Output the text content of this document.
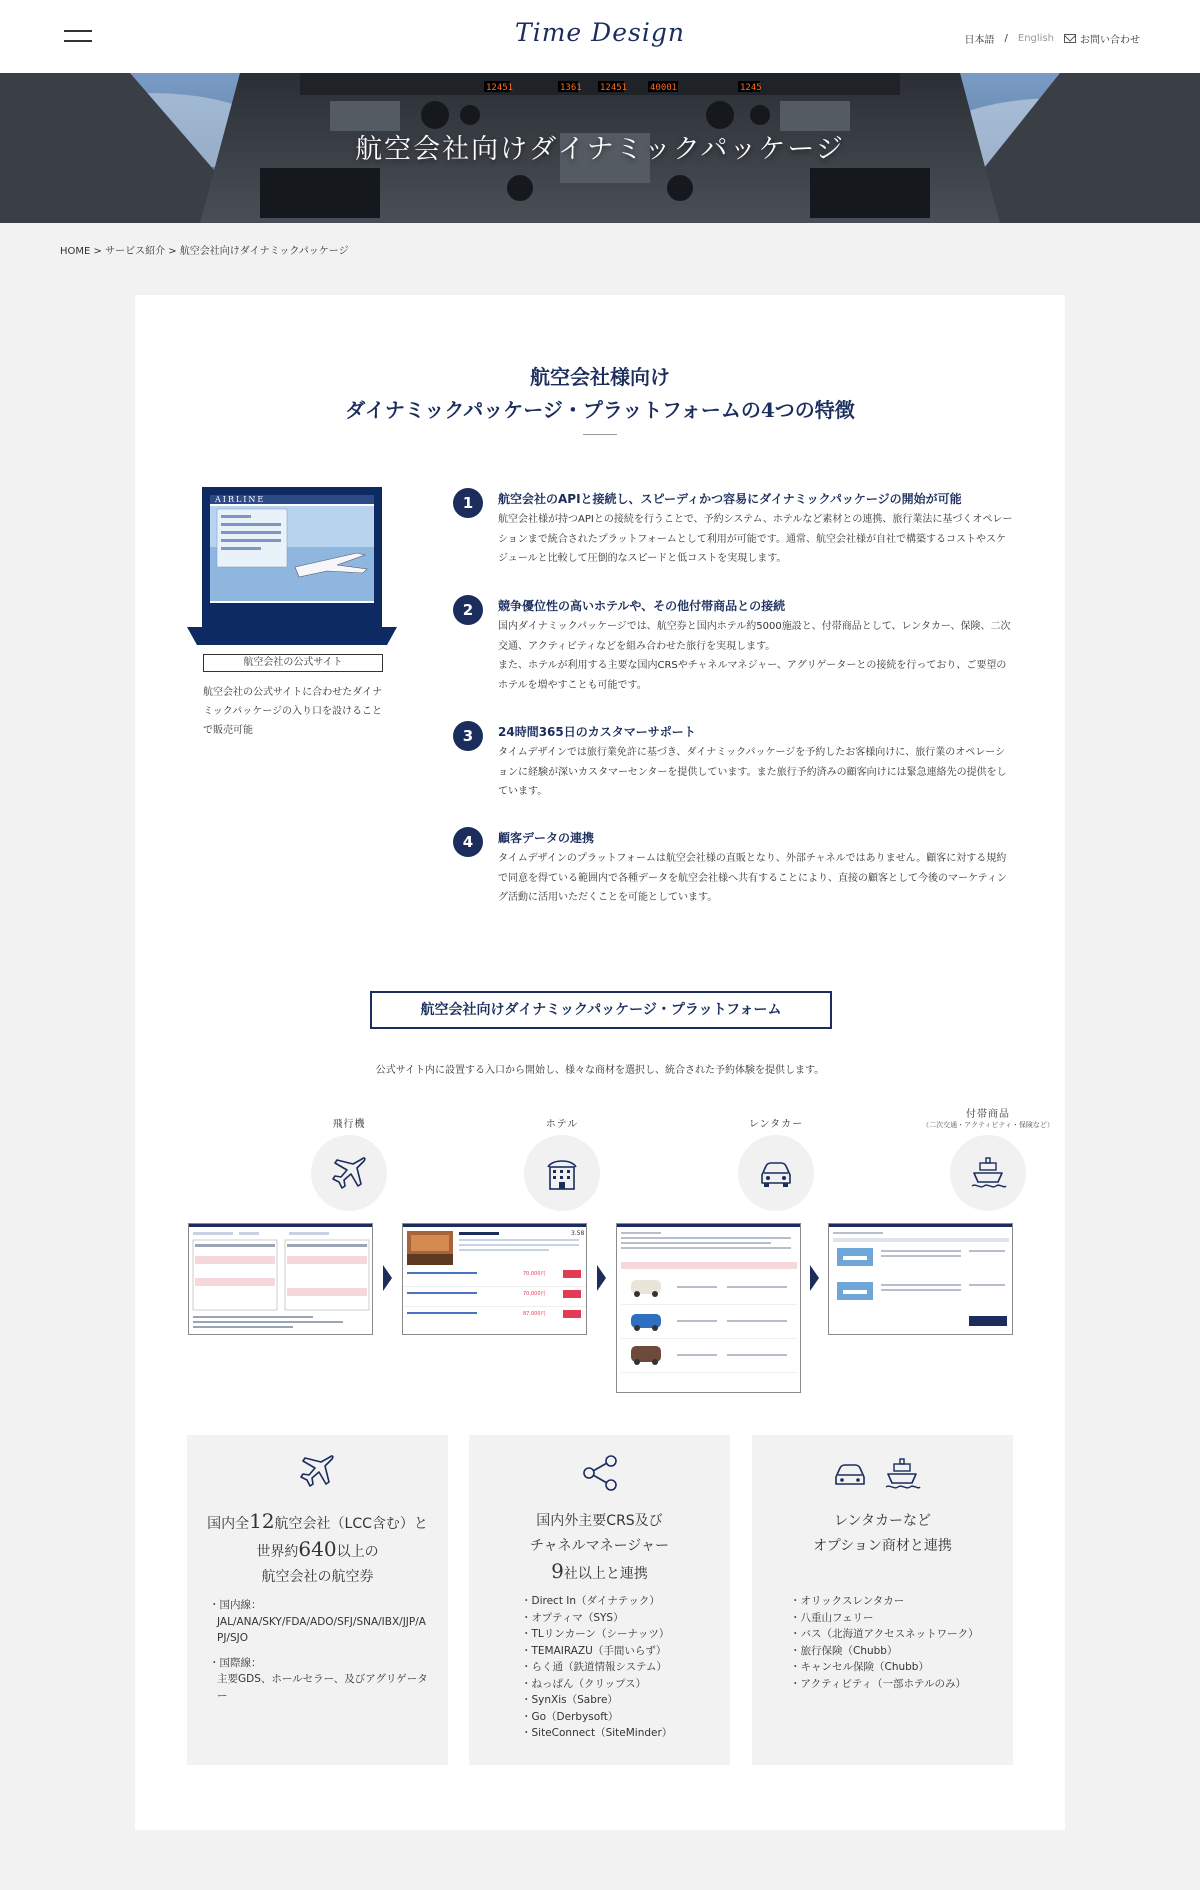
Time Design	日本語 / English	お問い合わせ
12451	1361 12451	40001	1245
航空会社向けダイナミックパッケージ
HOME > サービス紹介 > 航空会社向けダイナミックパッケージ
航空会社様向け
ダイナミックパッケージ・プラットフォームの4つの特徴
AIRLINE
航空会社の公式サイト
航空会社の公式サイトに合わせたダイナミックパッケージの入り口を設けることで販売可能
1	航空会社のAPIと接続し、スピーディかつ容易にダイナミックパッケージの開始が可能
航空会社様が持つAPIとの接続を行うことで、予約システム、ホテルなど素材との連携、旅行業法に基づくオペレーションまで統合されたプラットフォームとして利用が可能です。通常、航空会社様が自社で構築するコストやスケジュールと比較して圧倒的なスピードと低コストを実現します。
2	競争優位性の高いホテルや、その他付帯商品との接続
国内ダイナミックパッケージでは、航空券と国内ホテル約5000施設と、付帯商品として、レンタカー、保険、二次交通、アクティビティなどを組み合わせた旅行を実現します。
また、ホテルが利用する主要な国内CRSやチャネルマネジャー、アグリゲーターとの接続を行っており、ご要望のホテルを増やすことも可能です。
3	24時間365日のカスタマーサポート
タイムデザインでは旅行業免許に基づき、ダイナミックパッケージを予約したお客様向けに、旅行業のオペレーションに経験が深いカスタマーセンターを提供しています。また旅行予約済みの顧客向けには緊急連絡先の提供をしています。
4	顧客データの連携
タイムデザインのプラットフォームは航空会社様の直販となり、外部チャネルではありません。顧客に対する規約で同意を得ている範囲内で各種データを航空会社様へ共有することにより、直接の顧客として今後のマーケティング活動に活用いただくことを可能としています。
航空会社向けダイナミックパッケージ・プラットフォーム
公式サイト内に設置する入口から開始し、様々な商材を選択し、統合された予約体験を提供します。
飛行機	ホテル	レンタカー
付帯商品
（二次交通・アクティビティ・保険など）
3.58
70,000円
70,000円
87,000円
国内全12航空会社（LCC含む）と
世界約640以上の
航空会社の航空券
・国内線：
JAL/ANA/SKY/FDA/ADO/SFJ/SNA/IBX/JJP/APJ/SJO
・国際線：
主要GDS、ホールセラー、及びアグリゲーター
国内外主要CRS及び
チャネルマネージャー
9社以上と連携
・Direct In（ダイナテック）
・オプティマ（SYS）
・TLリンカーン（シーナッツ）
・TEMAIRAZU（手間いらず）
・らく通（鉄道情報システム）
・ねっぱん（クリップス）
・SynXis（Sabre）
・Go（Derbysoft）
・SiteConnect（SiteMinder）
レンタカーなど
オプション商材と連携
・オリックスレンタカー
・八重山フェリー
・バス（北海道アクセスネットワーク）
・旅行保険（Chubb）
・キャンセル保険（Chubb）
・アクティビティ（一部ホテルのみ）
